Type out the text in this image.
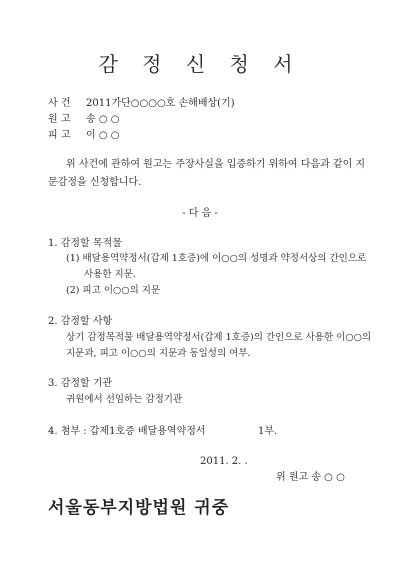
감 정 신 청 서
사 건 2011가단○○○○호 손해배상(기)
원 고 송 ○ ○
피 고 이 ○ ○
위 사건에 관하여 원고는 주장사실을 입증하기 위하여 다음과 같이 지문감정을 신청합니다.
- 다 음 -
1. 감정할 목적물
(1) 배달용역약정서(갑제 1호증)에 이○○의 성명과 약정서상의 간인으로
사용한 지문.
(2) 피고 이○○의 지문
2. 감정할 사항
상기 감정목적물 배달용역약정서(갑제 1호증)의 간인으로 사용한 이○○의
지문과, 피고 이○○의 지문과 동일성의 여부.
3. 감정할 기관
귀원에서 선임하는 감정기관
4. 첨부 : 갑제1호증 배달용역약정서	1부.
2011. 2. .
위 원고 송 ○ ○
서울동부지방법원 귀중
